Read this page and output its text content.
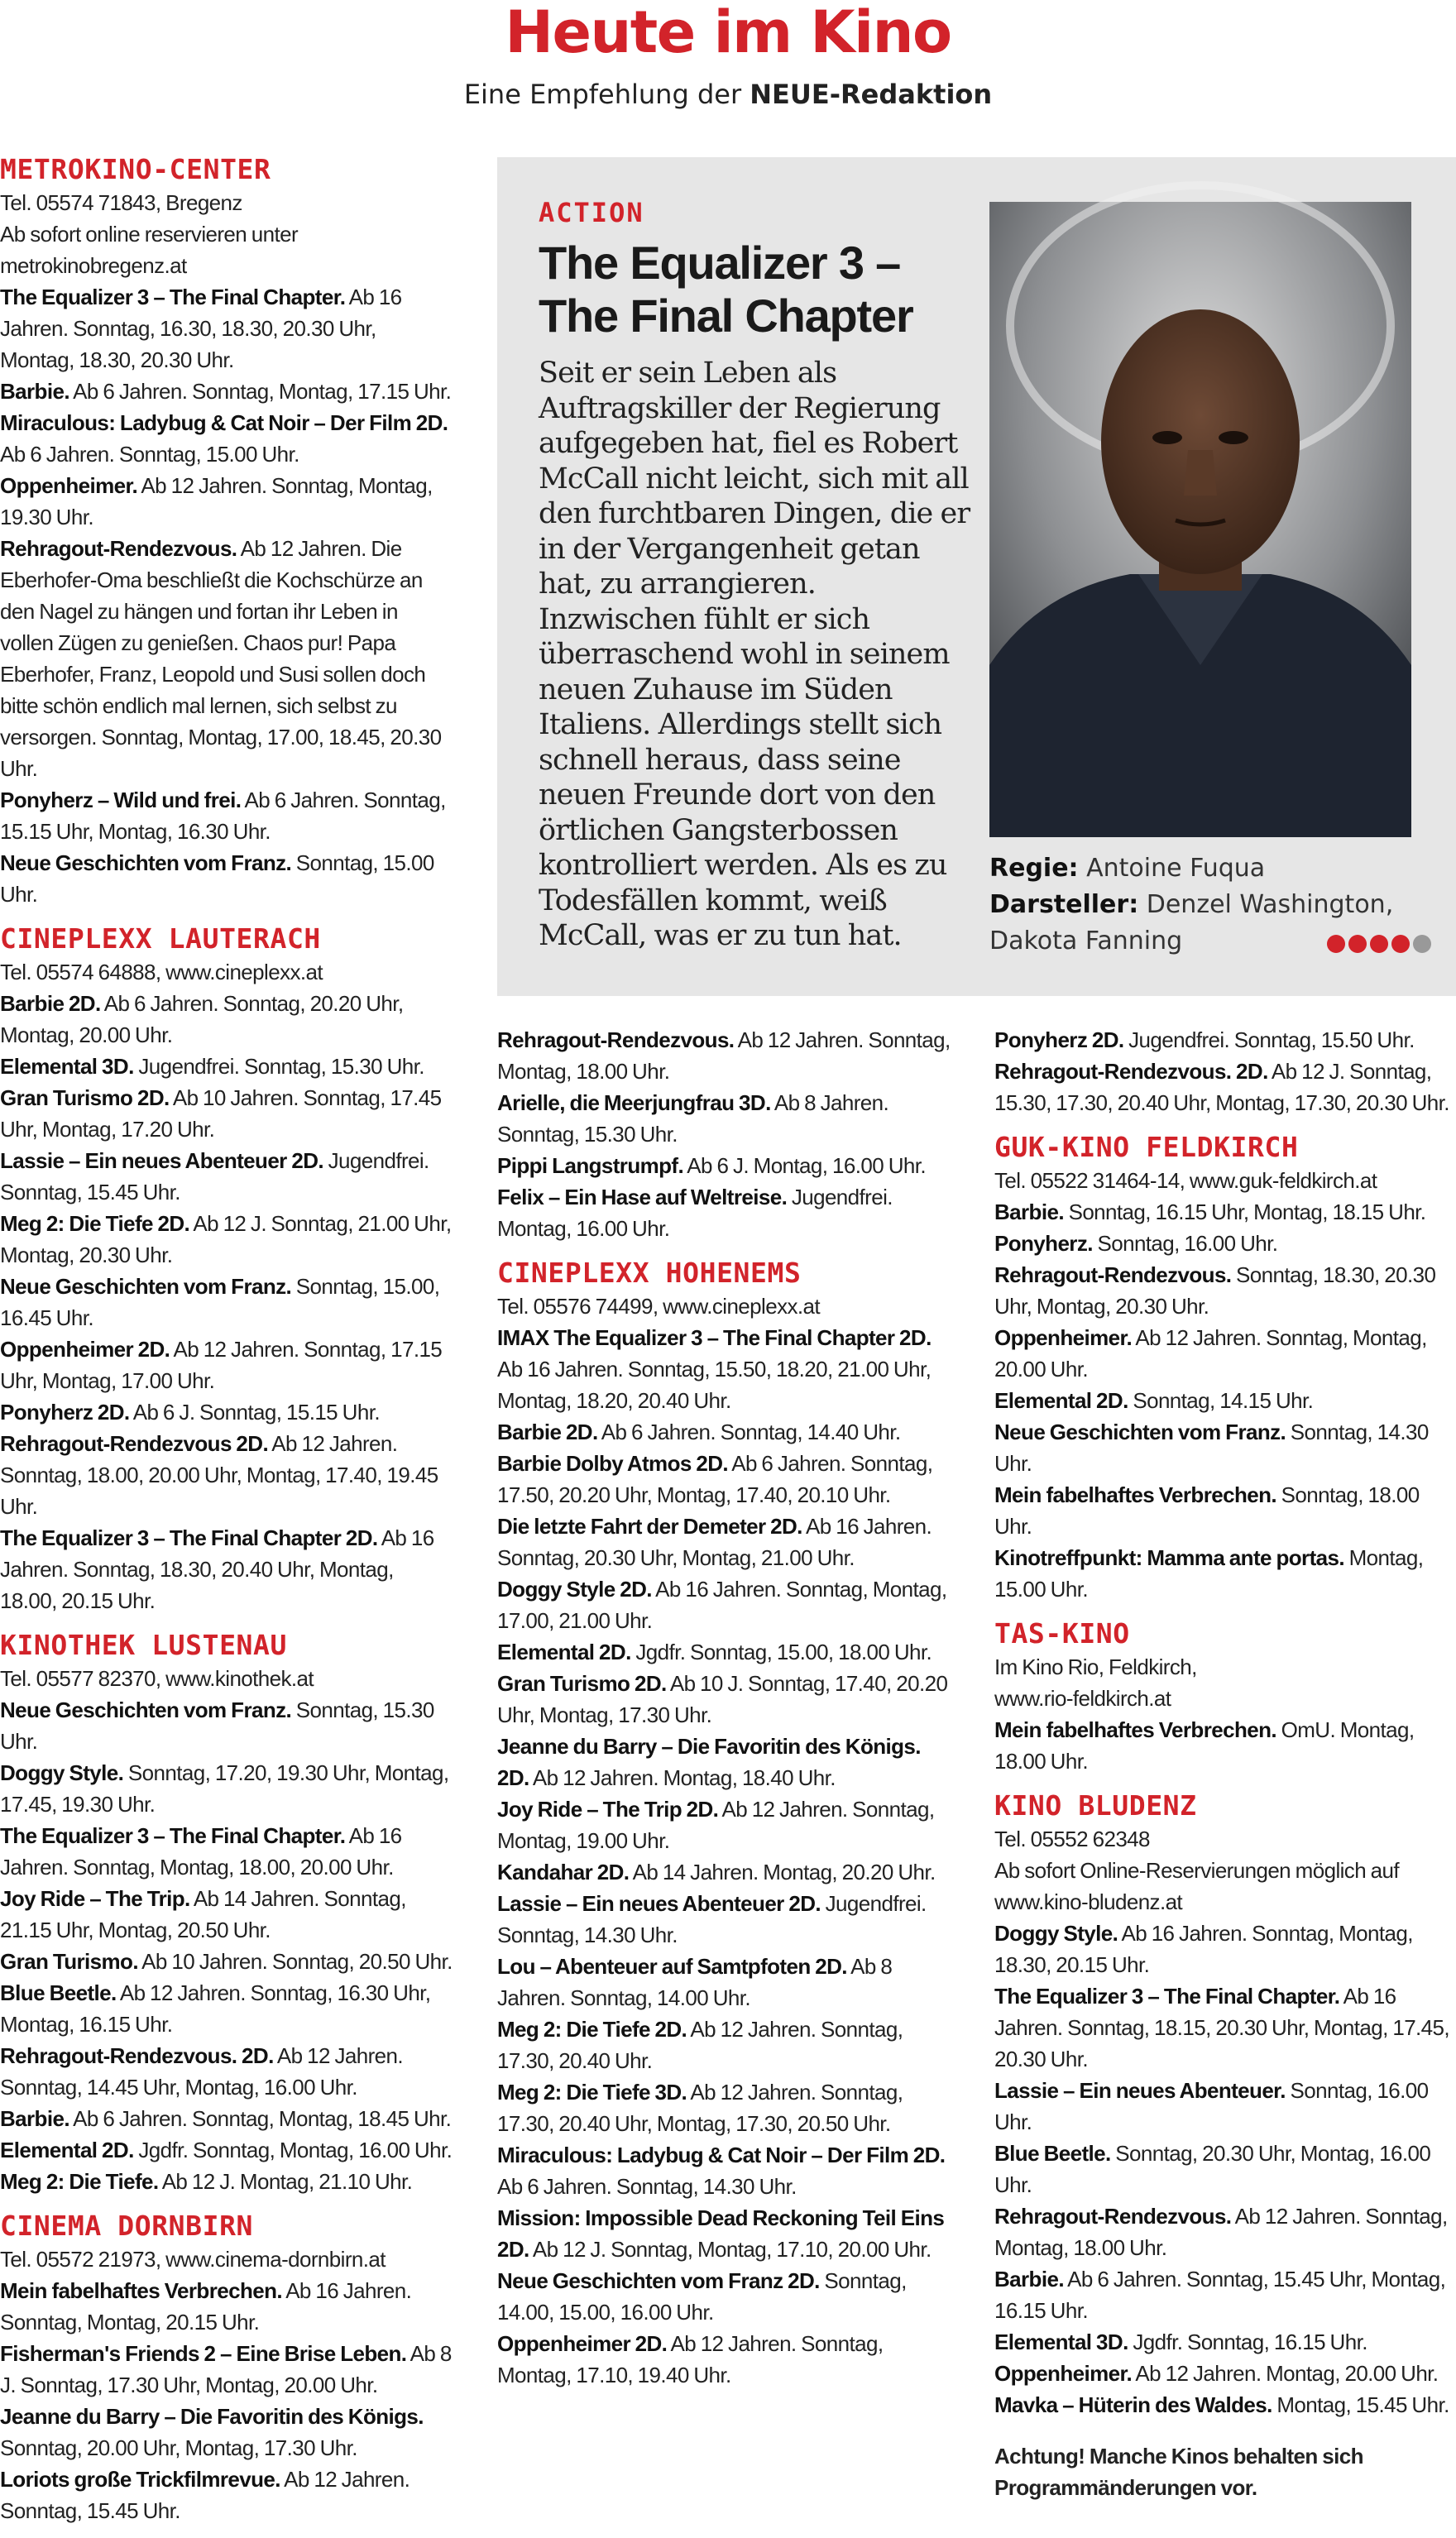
Heute im Kino
Eine Empfehlung der NEUE-Redaktion
METROKINO-CENTER
Tel. 05574 71843, Bregenz
Ab sofort online reservieren unter metrokinobregenz.at
The Equalizer 3 – The Final Chapter. Ab 16 Jahren. Sonntag, 16.30, 18.30, 20.30 Uhr, Montag, 18.30, 20.30 Uhr.
Barbie. Ab 6 Jahren. Sonntag, Montag, 17.15 Uhr.
Miraculous: Ladybug & Cat Noir – Der Film 2D. Ab 6 Jahren. Sonntag, 15.00 Uhr.
Oppenheimer. Ab 12 Jahren. Sonntag, Montag, 19.30 Uhr.
Rehragout-Rendezvous. Ab 12 Jahren. Die Eberhofer-Oma beschließt die Kochschürze an den Nagel zu hängen und fortan ihr Leben in vollen Zügen zu genießen. Chaos pur! Papa Eberhofer, Franz, Leopold und Susi sollen doch bitte schön endlich mal lernen, sich selbst zu versorgen. Sonntag, Montag, 17.00, 18.45, 20.30 Uhr.
Ponyherz – Wild und frei. Ab 6 Jahren. Sonntag, 15.15 Uhr, Montag, 16.30 Uhr.
Neue Geschichten vom Franz. Sonntag, 15.00 Uhr.
CINEPLEXX LAUTERACH
Tel. 05574 64888, www.cineplexx.at
Barbie 2D. Ab 6 Jahren. Sonntag, 20.20 Uhr, Montag, 20.00 Uhr.
Elemental 3D. Jugendfrei. Sonntag, 15.30 Uhr.
Gran Turismo 2D. Ab 10 Jahren. Sonntag, 17.45 Uhr, Montag, 17.20 Uhr.
Lassie – Ein neues Abenteuer 2D. Jugendfrei. Sonntag, 15.45 Uhr.
Meg 2: Die Tiefe 2D. Ab 12 J. Sonntag, 21.00 Uhr, Montag, 20.30 Uhr.
Neue Geschichten vom Franz. Sonntag, 15.00, 16.45 Uhr.
Oppenheimer 2D. Ab 12 Jahren. Sonntag, 17.15 Uhr, Montag, 17.00 Uhr.
Ponyherz 2D. Ab 6 J. Sonntag, 15.15 Uhr.
Rehragout-Rendezvous 2D. Ab 12 Jahren. Sonntag, 18.00, 20.00 Uhr, Montag, 17.40, 19.45 Uhr.
The Equalizer 3 – The Final Chapter 2D. Ab 16 Jahren. Sonntag, 18.30, 20.40 Uhr, Montag, 18.00, 20.15 Uhr.
KINOTHEK LUSTENAU
Tel. 05577 82370, www.kinothek.at
Neue Geschichten vom Franz. Sonntag, 15.30 Uhr.
Doggy Style. Sonntag, 17.20, 19.30 Uhr, Montag, 17.45, 19.30 Uhr.
The Equalizer 3 – The Final Chapter. Ab 16 Jahren. Sonntag, Montag, 18.00, 20.00 Uhr.
Joy Ride – The Trip. Ab 14 Jahren. Sonntag, 21.15 Uhr, Montag, 20.50 Uhr.
Gran Turismo. Ab 10 Jahren. Sonntag, 20.50 Uhr.
Blue Beetle. Ab 12 Jahren. Sonntag, 16.30 Uhr, Montag, 16.15 Uhr.
Rehragout-Rendezvous. 2D. Ab 12 Jahren. Sonntag, 14.45 Uhr, Montag, 16.00 Uhr.
Barbie. Ab 6 Jahren. Sonntag, Montag, 18.45 Uhr.
Elemental 2D. Jgdfr. Sonntag, Montag, 16.00 Uhr.
Meg 2: Die Tiefe. Ab 12 J. Montag, 21.10 Uhr.
CINEMA DORNBIRN
Tel. 05572 21973, www.cinema-dornbirn.at
Mein fabelhaftes Verbrechen. Ab 16 Jahren. Sonntag, Montag, 20.15 Uhr.
Fisherman's Friends 2 – Eine Brise Leben. Ab 8 J. Sonntag, 17.30 Uhr, Montag, 20.00 Uhr.
Jeanne du Barry – Die Favoritin des Königs. Sonntag, 20.00 Uhr, Montag, 17.30 Uhr.
Loriots große Trickfilmrevue. Ab 12 Jahren. Sonntag, 15.45 Uhr.
ACTION
The Equalizer 3 –
The Final Chapter
Seit er sein Leben als Auftragskiller der Regierung aufgegeben hat, fiel es Robert McCall nicht leicht, sich mit all den furchtbaren Dingen, die er in der Vergangenheit getan hat, zu arrangieren. Inzwischen fühlt er sich überraschend wohl in seinem neuen Zuhause im Süden Italiens. Allerdings stellt sich schnell heraus, dass seine neuen Freunde dort von den örtlichen Gangsterbossen kontrolliert werden. Als es zu Todesfällen kommt, weiß McCall, was er zu tun hat.
Regie: Antoine Fuqua
Darsteller: Denzel Washington, Dakota Fanning
Rehragout-Rendezvous. Ab 12 Jahren. Sonntag, Montag, 18.00 Uhr.
Arielle, die Meerjungfrau 3D. Ab 8 Jahren. Sonntag, 15.30 Uhr.
Pippi Langstrumpf. Ab 6 J. Montag, 16.00 Uhr.
Felix – Ein Hase auf Weltreise. Jugendfrei. Montag, 16.00 Uhr.
CINEPLEXX HOHENEMS
Tel. 05576 74499, www.cineplexx.at
IMAX The Equalizer 3 – The Final Chapter 2D. Ab 16 Jahren. Sonntag, 15.50, 18.20, 21.00 Uhr, Montag, 18.20, 20.40 Uhr.
Barbie 2D. Ab 6 Jahren. Sonntag, 14.40 Uhr.
Barbie Dolby Atmos 2D. Ab 6 Jahren. Sonntag, 17.50, 20.20 Uhr, Montag, 17.40, 20.10 Uhr.
Die letzte Fahrt der Demeter 2D. Ab 16 Jahren. Sonntag, 20.30 Uhr, Montag, 21.00 Uhr.
Doggy Style 2D. Ab 16 Jahren. Sonntag, Montag, 17.00, 21.00 Uhr.
Elemental 2D. Jgdfr. Sonntag, 15.00, 18.00 Uhr.
Gran Turismo 2D. Ab 10 J. Sonntag, 17.40, 20.20 Uhr, Montag, 17.30 Uhr.
Jeanne du Barry – Die Favoritin des Königs. 2D. Ab 12 Jahren. Montag, 18.40 Uhr.
Joy Ride – The Trip 2D. Ab 12 Jahren. Sonntag, Montag, 19.00 Uhr.
Kandahar 2D. Ab 14 Jahren. Montag, 20.20 Uhr.
Lassie – Ein neues Abenteuer 2D. Jugendfrei. Sonntag, 14.30 Uhr.
Lou – Abenteuer auf Samtpfoten 2D. Ab 8 Jahren. Sonntag, 14.00 Uhr.
Meg 2: Die Tiefe 2D. Ab 12 Jahren. Sonntag, 17.30, 20.40 Uhr.
Meg 2: Die Tiefe 3D. Ab 12 Jahren. Sonntag, 17.30, 20.40 Uhr, Montag, 17.30, 20.50 Uhr.
Miraculous: Ladybug & Cat Noir – Der Film 2D. Ab 6 Jahren. Sonntag, 14.30 Uhr.
Mission: Impossible Dead Reckoning Teil Eins 2D. Ab 12 J. Sonntag, Montag, 17.10, 20.00 Uhr.
Neue Geschichten vom Franz 2D. Sonntag, 14.00, 15.00, 16.00 Uhr.
Oppenheimer 2D. Ab 12 Jahren. Sonntag, Montag, 17.10, 19.40 Uhr.
Ponyherz 2D. Jugendfrei. Sonntag, 15.50 Uhr.
Rehragout-Rendezvous. 2D. Ab 12 J. Sonntag, 15.30, 17.30, 20.40 Uhr, Montag, 17.30, 20.30 Uhr.
GUK-KINO FELDKIRCH
Tel. 05522 31464-14, www.guk-feldkirch.at
Barbie. Sonntag, 16.15 Uhr, Montag, 18.15 Uhr.
Ponyherz. Sonntag, 16.00 Uhr.
Rehragout-Rendezvous. Sonntag, 18.30, 20.30 Uhr, Montag, 20.30 Uhr.
Oppenheimer. Ab 12 Jahren. Sonntag, Montag, 20.00 Uhr.
Elemental 2D. Sonntag, 14.15 Uhr.
Neue Geschichten vom Franz. Sonntag, 14.30 Uhr.
Mein fabelhaftes Verbrechen. Sonntag, 18.00 Uhr.
Kinotreffpunkt: Mamma ante portas. Montag, 15.00 Uhr.
TAS-KINO
Im Kino Rio, Feldkirch,
www.rio-feldkirch.at
Mein fabelhaftes Verbrechen. OmU. Montag, 18.00 Uhr.
KINO BLUDENZ
Tel. 05552 62348
Ab sofort Online-Reservierungen möglich auf www.kino-bludenz.at
Doggy Style. Ab 16 Jahren. Sonntag, Montag, 18.30, 20.15 Uhr.
The Equalizer 3 – The Final Chapter. Ab 16 Jahren. Sonntag, 18.15, 20.30 Uhr, Montag, 17.45, 20.30 Uhr.
Lassie – Ein neues Abenteuer. Sonntag, 16.00 Uhr.
Blue Beetle. Sonntag, 20.30 Uhr, Montag, 16.00 Uhr.
Rehragout-Rendezvous. Ab 12 Jahren. Sonntag, Montag, 18.00 Uhr.
Barbie. Ab 6 Jahren. Sonntag, 15.45 Uhr, Montag, 16.15 Uhr.
Elemental 3D. Jgdfr. Sonntag, 16.15 Uhr.
Oppenheimer. Ab 12 Jahren. Montag, 20.00 Uhr.
Mavka – Hüterin des Waldes. Montag, 15.45 Uhr.
Achtung! Manche Kinos behalten sich Programmänderungen vor.
